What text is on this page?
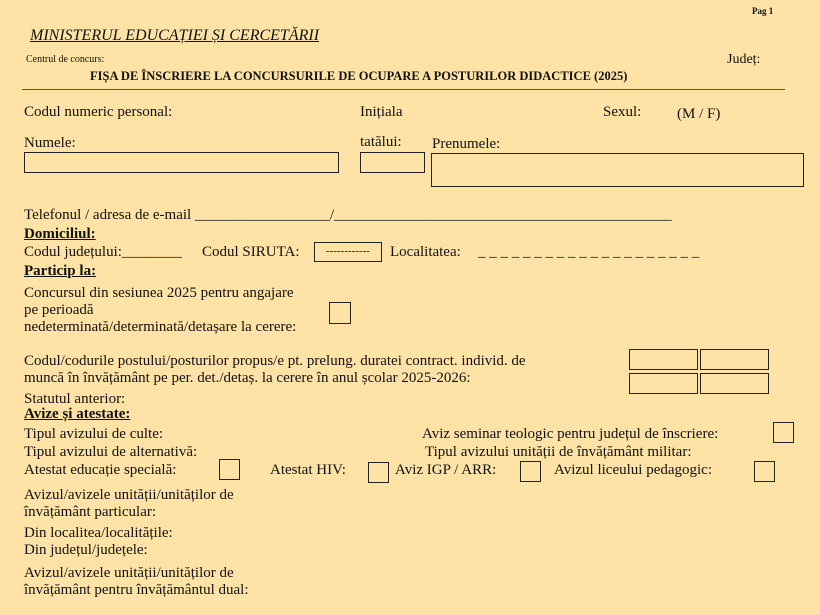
Pag 1
MINISTERUL EDUCAȚIEI ȘI CERCETĂRII
Centrul de concurs:	Județ:
FIȘA DE ÎNSCRIERE LA CONCURSURILE DE OCUPARE A POSTURILOR DIDACTICE (2025)
Codul numeric personal:	Inițiala	Sexul: (M / F)
Numele:	tatălui: Prenumele:
Telefonul / adresa de e-mail __________________/_____________________________________________
Domiciliul:
Codul județului:________ Codul SIRUTA:	------------	Localitatea: _ _ _ _ _ _ _ _ _ _ _ _ _ _ _ _ _ _ _ _
Particip la:
Concursul din sesiunea 2025 pentru angajare pe perioadă nedeterminată/determinată/detașare la cerere:
Codul/codurile postului/posturilor propus/e pt. prelung. duratei contract. individ. de
muncă în învățământ pe per. det./detaș. la cerere în anul școlar 2025-2026:
Statutul anterior:
Avize și atestate:
Tipul avizului de culte:	Aviz seminar teologic pentru județul de înscriere:
Tipul avizului de alternativă:	Tipul avizului unității de învățământ militar:
Atestat educație specială:	Atestat HIV:	Aviz IGP / ARR:	Avizul liceului pedagogic:
Avizul/avizele unității/unităților de învățământ particular:
Din localitea/localitățile:
Din județul/județele:
Avizul/avizele unității/unităților de învățământ pentru învățământul dual:
